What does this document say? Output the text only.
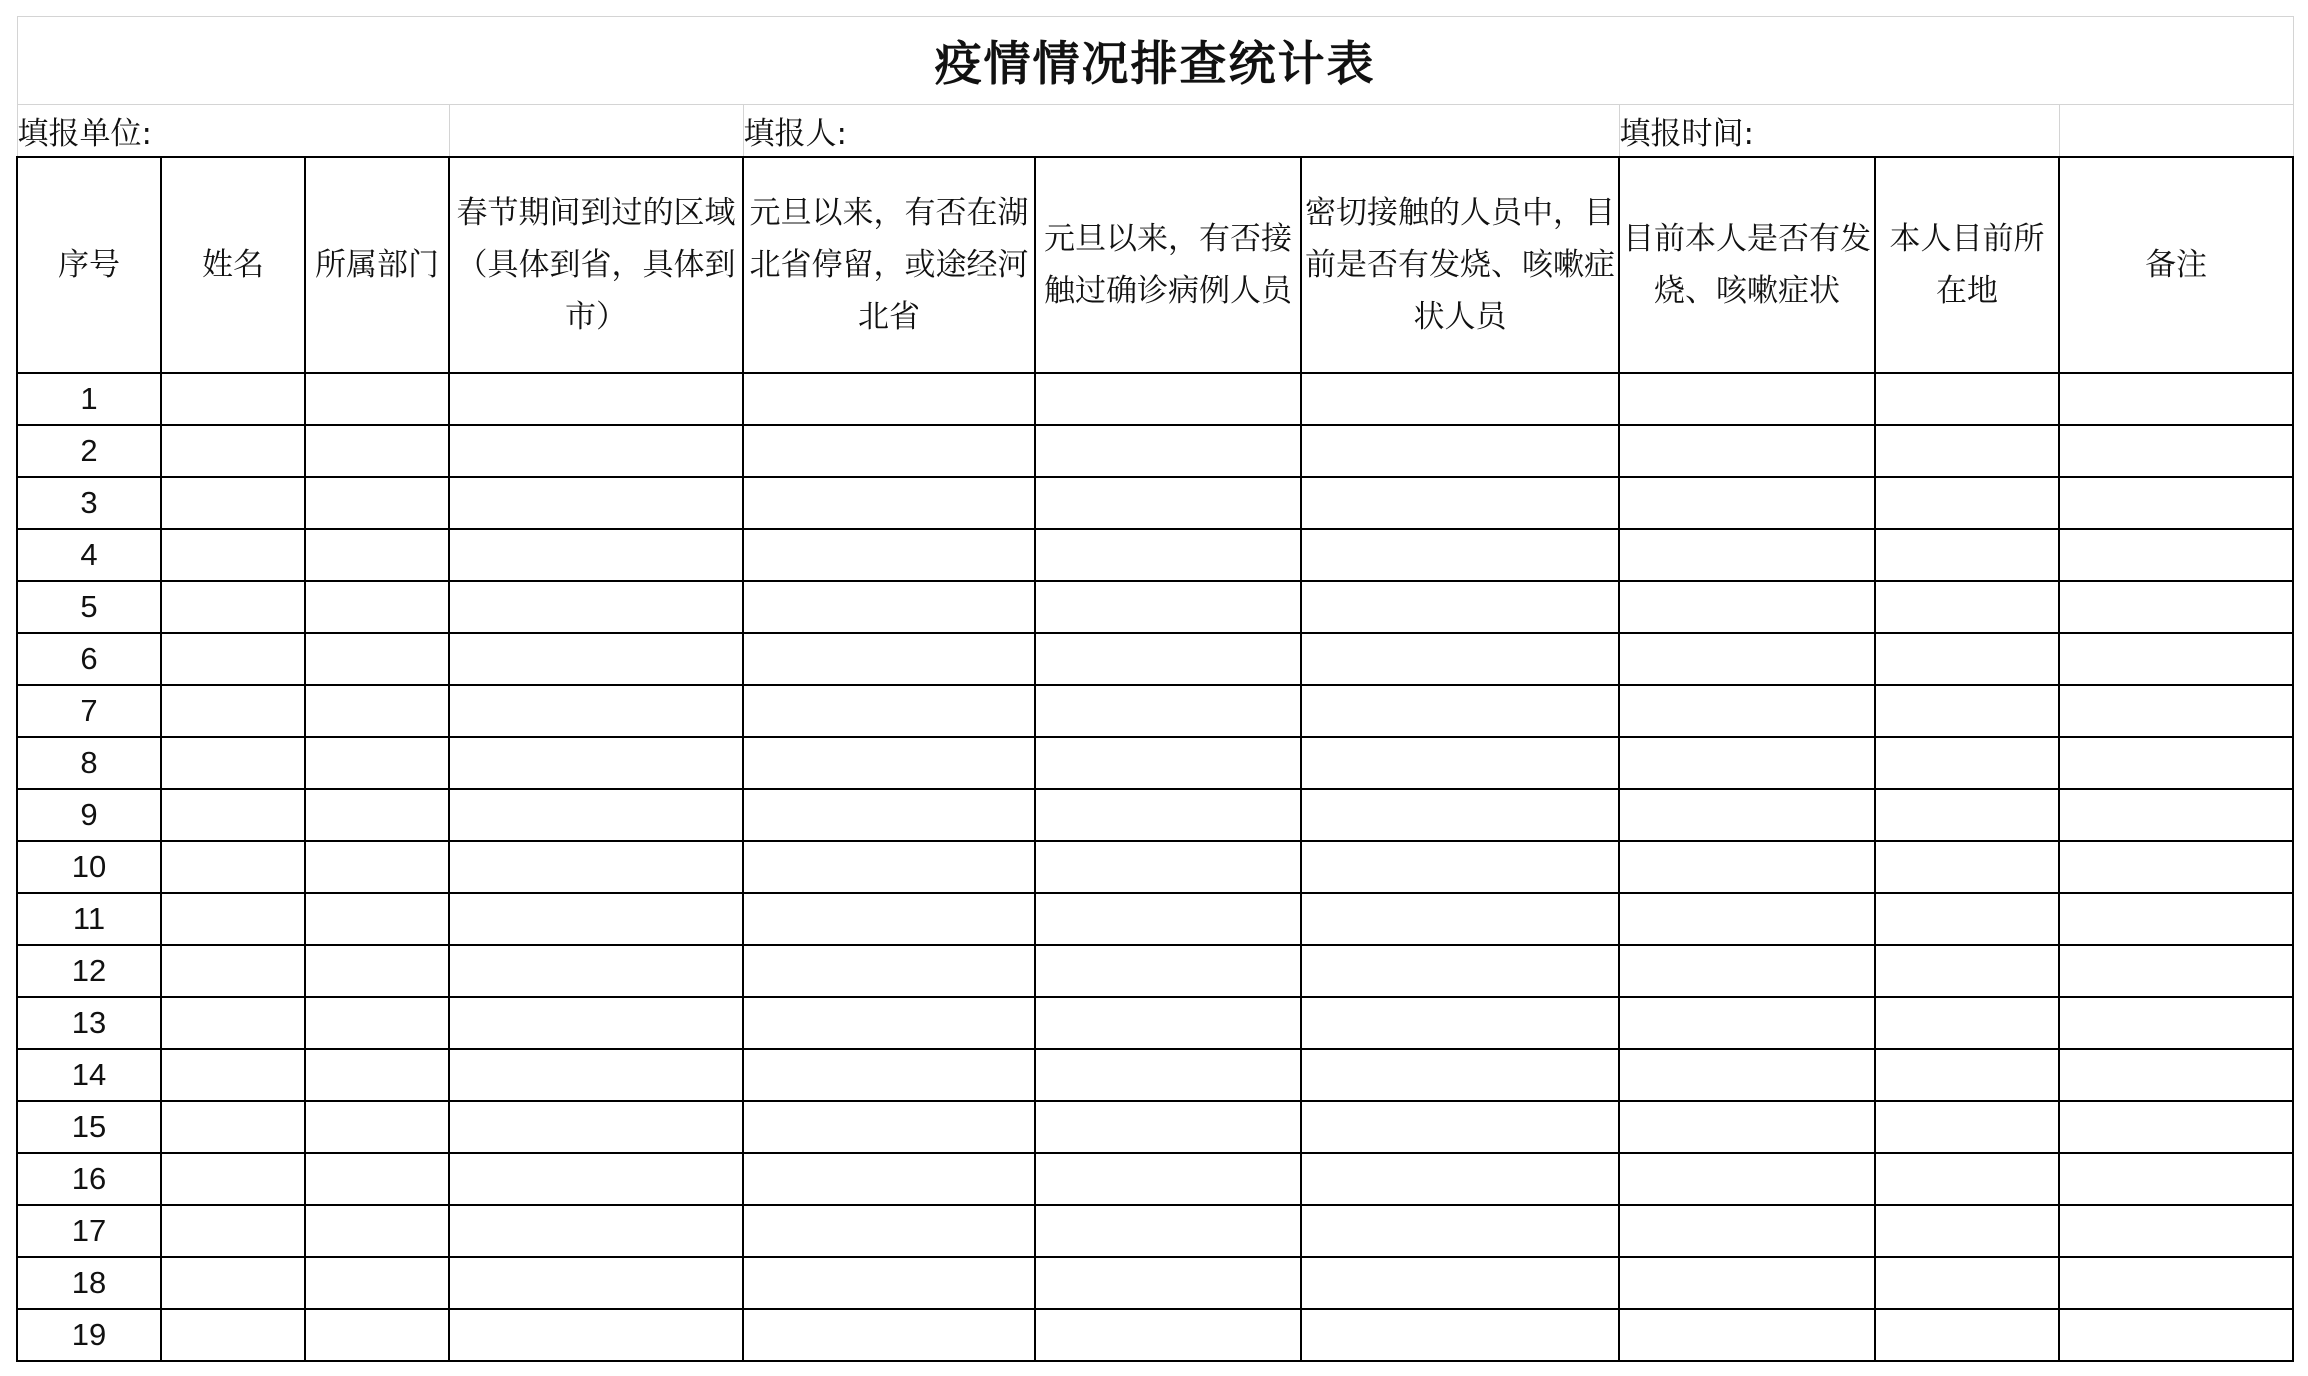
疫情情况排查统计表									
填报单位:				填报人:			填报时间:		
序号	姓名	所属部门	春节期间到过的区域（具体到省，具体到市）	元旦以来，有否在湖北省停留，或途经河北省	元旦以来，有否接触过确诊病例人员	密切接触的人员中，目前是否有发烧、咳嗽症状人员	目前本人是否有发烧、咳嗽症状	本人目前所在地	备注
1									
2									
3									
4									
5									
6									
7									
8									
9									
10									
11									
12									
13									
14									
15									
16									
17									
18									
19									
